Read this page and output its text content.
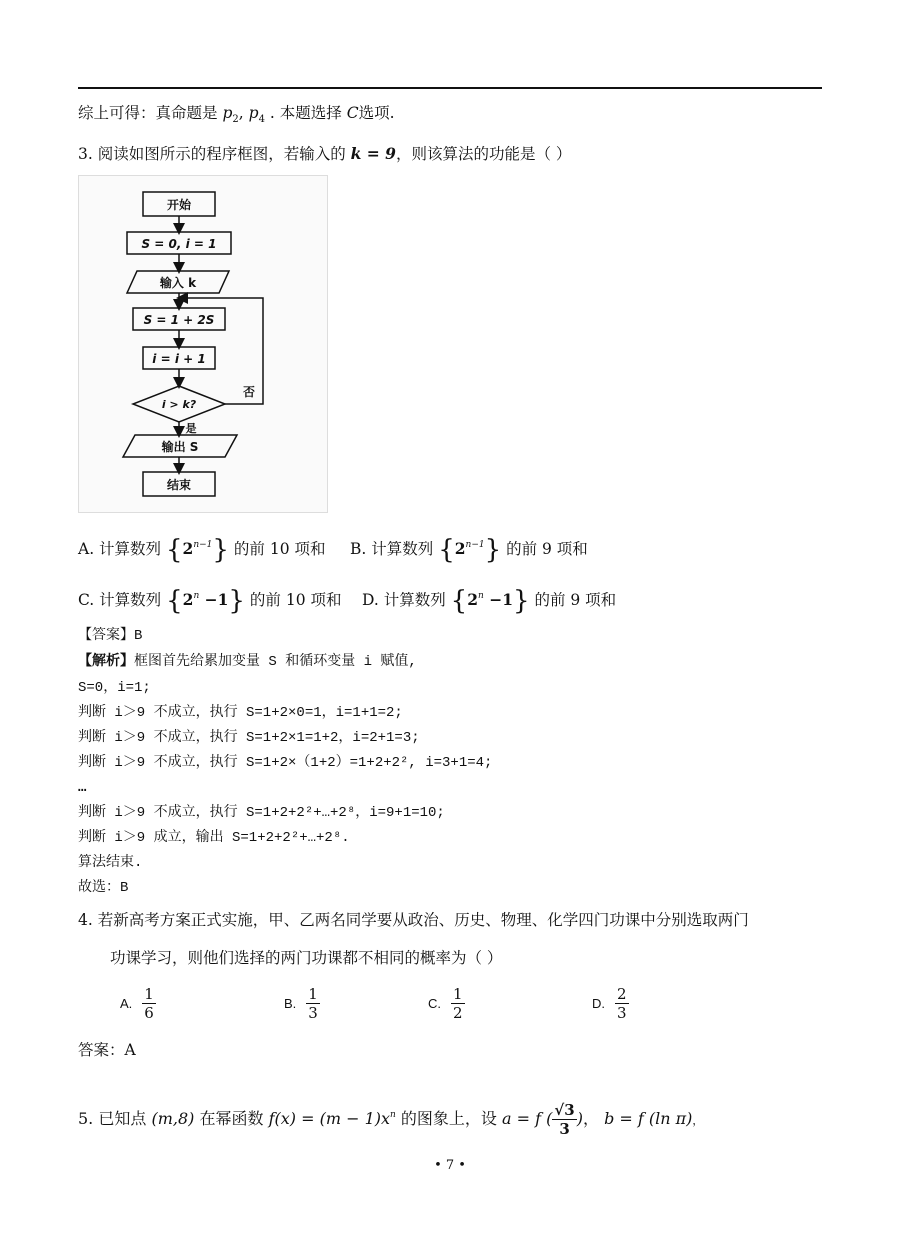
综上可得：真命题是 $p_2$, $p_4$ . 本题选择 C选项.
3. 阅读如图所示的程序框图，若输入的 k = 9，则该算法的功能是（ ）
开始
S = 0, i = 1
输入 k
S = 1 + 2S
i = i + 1
i > k?
否
是
输出 S
结束
A. 计算数列 $\{2^{n-1}\}$ 的前 10 项和 B. 计算数列 $\{2^{n-1}\}$ 的前 9 项和
C. 计算数列 $\{2^n -1\}$ 的前 10 项和 D. 计算数列 $\{2^n -1\}$ 的前 9 项和
【答案】B
【解析】框图首先给累加变量 S 和循环变量 i 赋值,
S=0，i=1;
判断 i＞9 不成立，执行 S=1+2×0=1，i=1+1=2;
判断 i＞9 不成立，执行 S=1+2×1=1+2，i=2+1=3;
判断 i＞9 不成立，执行 S=1+2×（1+2）=1+2+2², i=3+1=4;
…
判断 i＞9 不成立，执行 S=1+2+2²+…+2⁸，i=9+1=10;
判断 i＞9 成立，输出 S=1+2+2²+…+2⁸.
算法结束.
故选：B
4. 若新高考方案正式实施，甲、乙两名同学要从政治、历史、物理、化学四门功课中分别选取两门
功课学习，则他们选择的两门功课都不相同的概率为（ ）
A. $\frac{1}{6}$	B. $\frac{1}{3}$	C. $\frac{1}{2}$	D. $\frac{2}{3}$
答案：A
5. 已知点 (m,8) 在幂函数 $f(x) = (m - 1)x^n$ 的图象上，设 a = f ( $\frac{√3}{3}$ )， b = f (ln π)，
• 7 •
